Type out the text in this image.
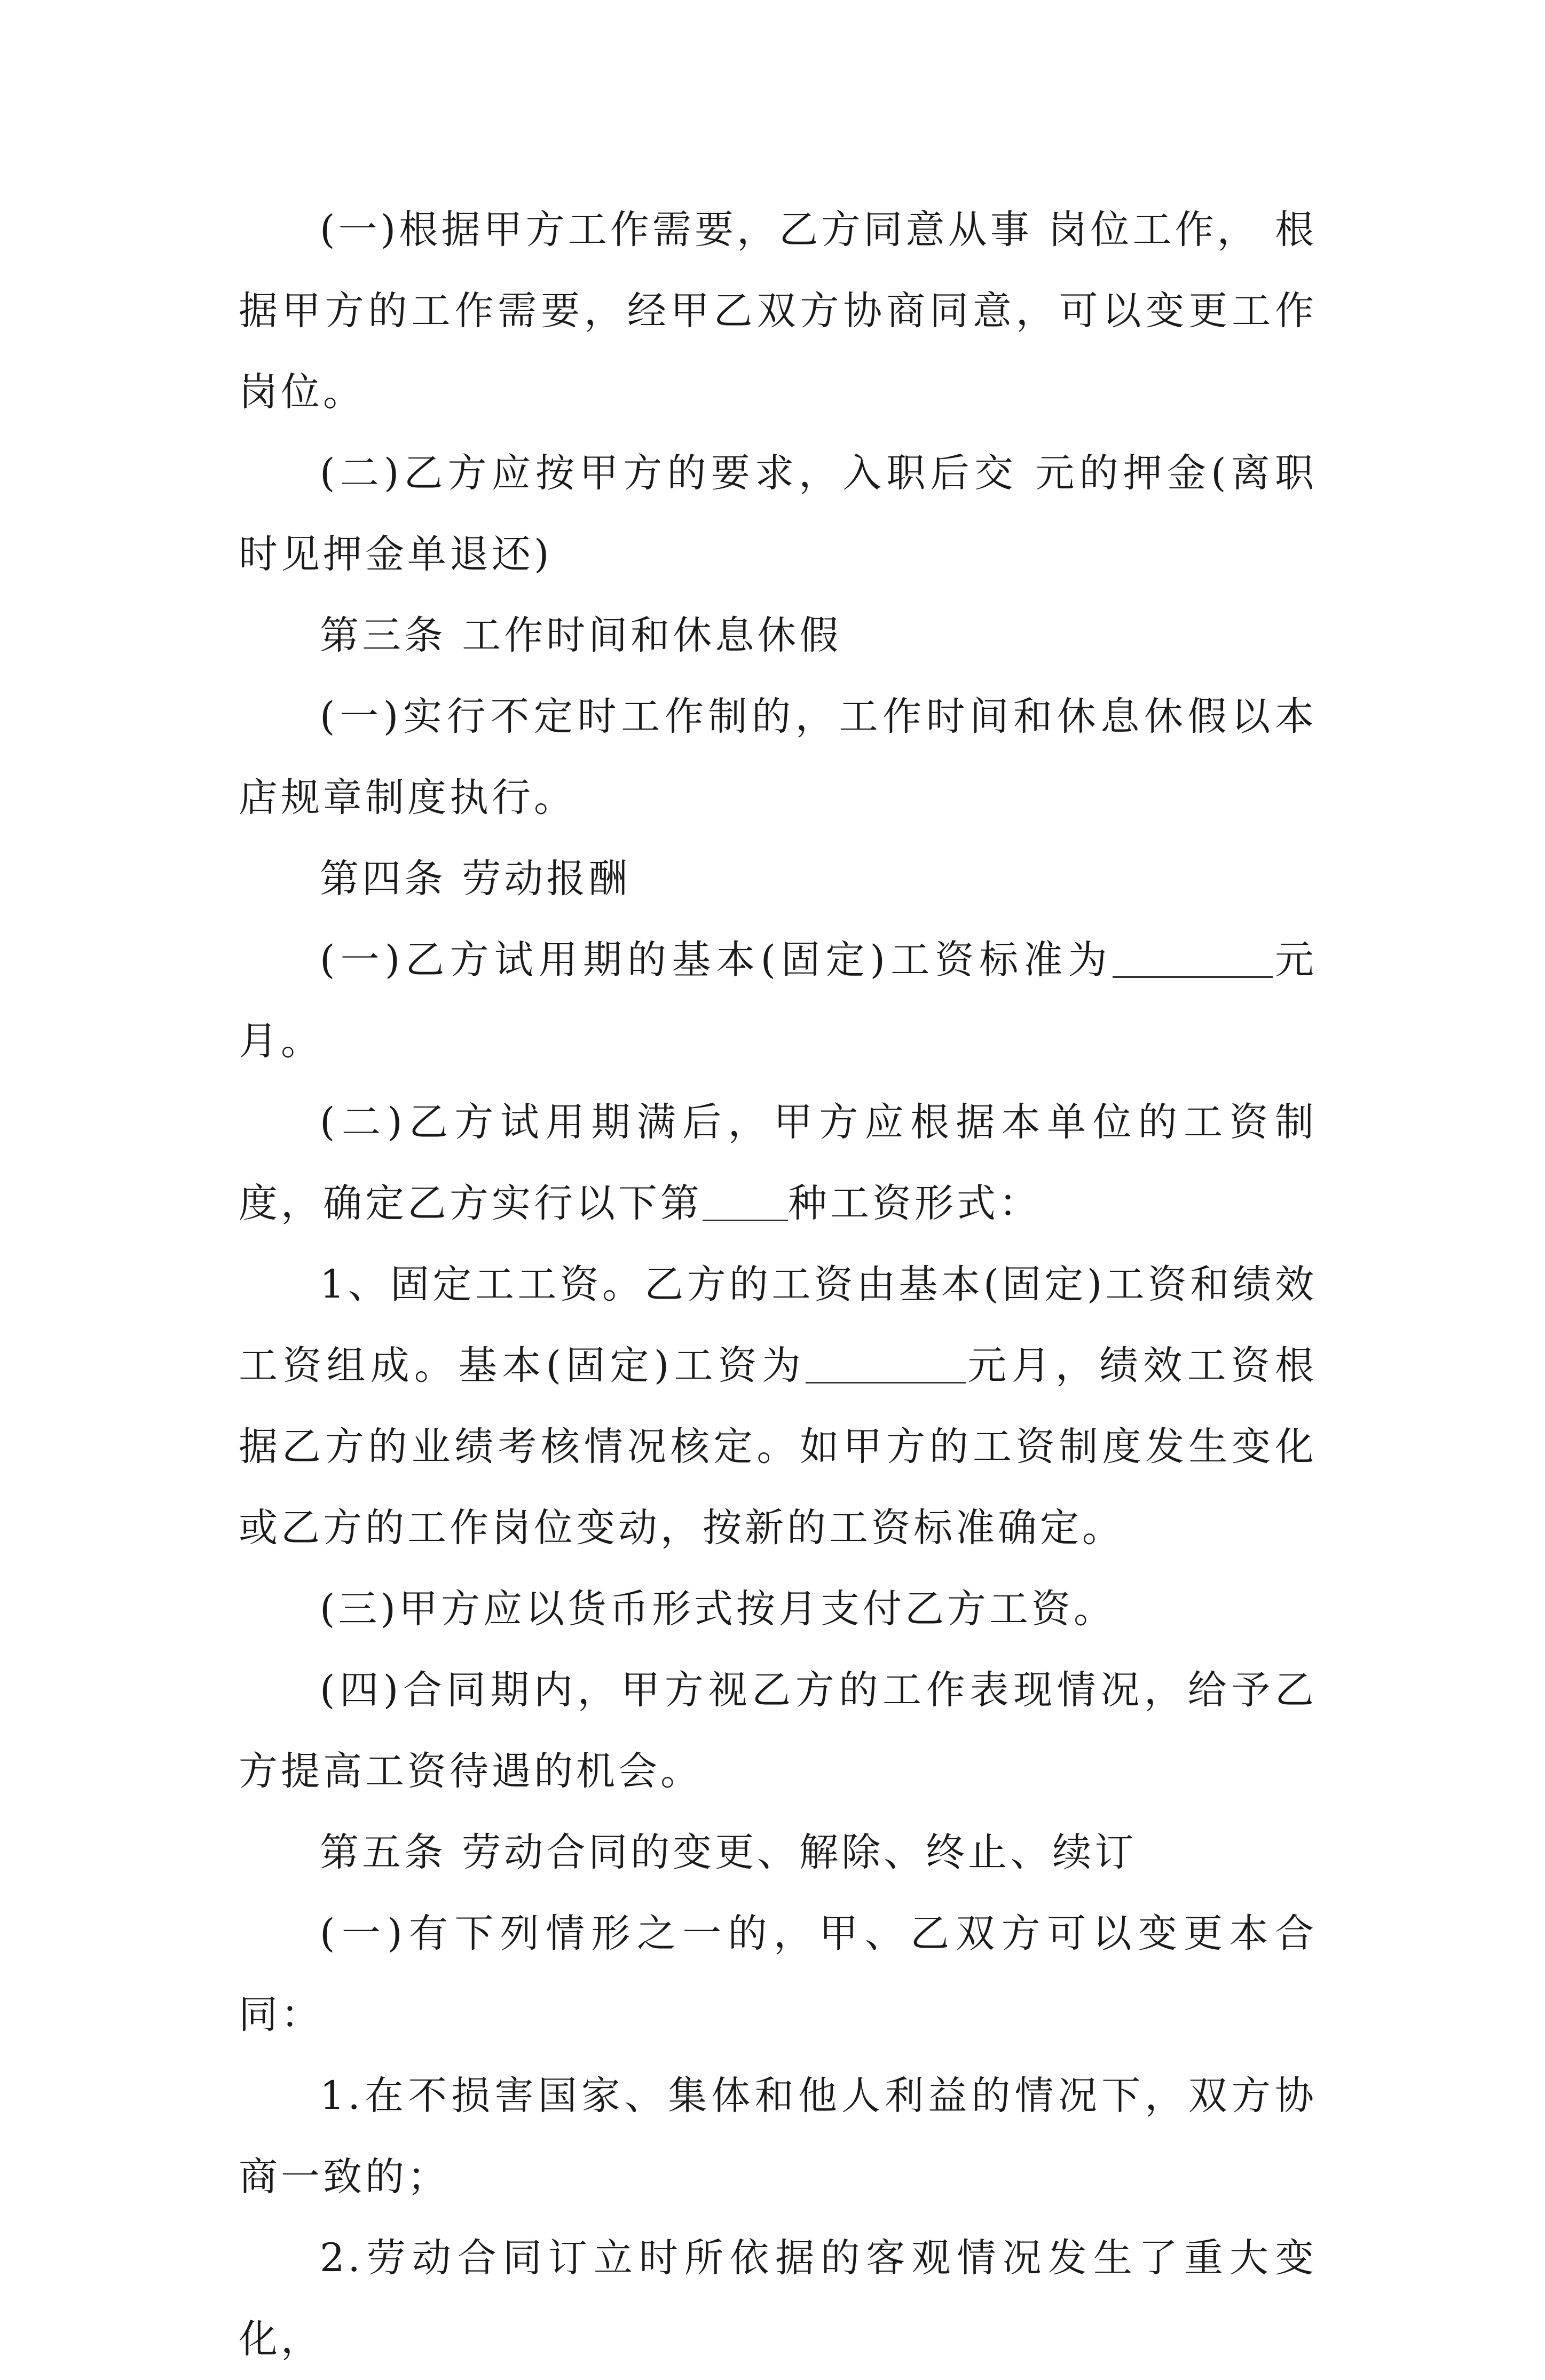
(一)根据甲方工作需要，乙方同意从事 岗位工作， 根据甲方的工作需要，经甲乙双方协商同意，可以变更工作岗位。

(二)乙方应按甲方的要求，入职后交 元的押金(离职时见押金单退还)

第三条 工作时间和休息休假

(一)实行不定时工作制的，工作时间和休息休假以本店规章制度执行。

第四条 劳动报酬

(一)乙方试用期的基本(固定)工资标准为	元月。

(二)乙方试用期满后，甲方应根据本单位的工资制度，确定乙方实行以下第 种工资形式：

1、固定工工资。乙方的工资由基本(固定)工资和绩效工资组成。基本(固定)工资为	元月，绩效工资根据乙方的业绩考核情况核定。如甲方的工资制度发生变化或乙方的工作岗位变动，按新的工资标准确定。

(三)甲方应以货币形式按月支付乙方工资。

(四)合同期内，甲方视乙方的工作表现情况，给予乙方提高工资待遇的机会。

第五条 劳动合同的变更、解除、终止、续订

(一)有下列情形之一的，甲、乙双方可以变更本合同：

1.在不损害国家、集体和他人利益的情况下，双方协商一致的；

2.劳动合同订立时所依据的客观情况发生了重大变化，
